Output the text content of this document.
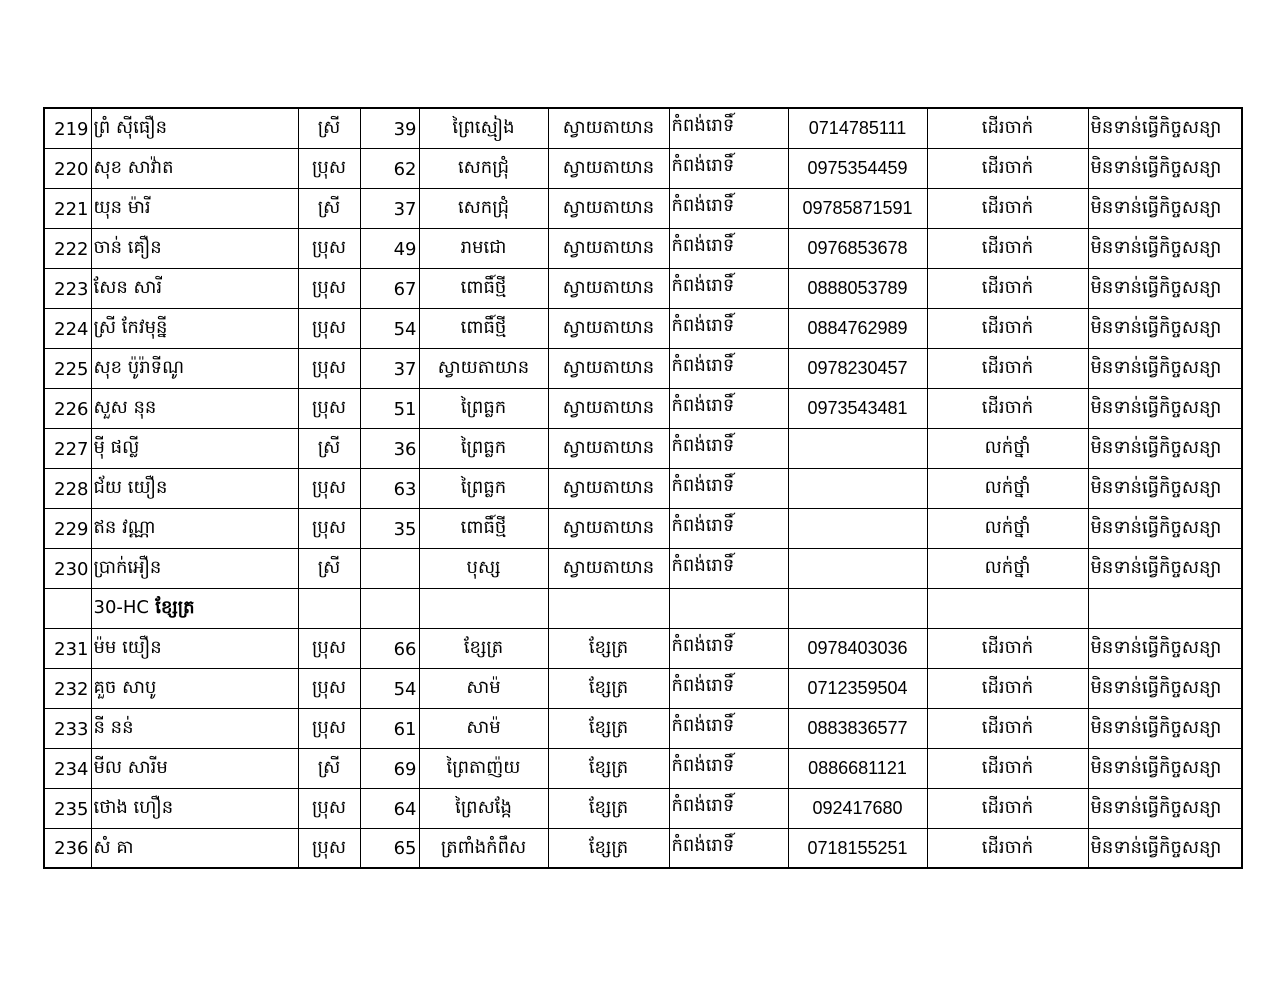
219	ព្រំ ស៊ីធឿន	ស្រី	39	ព្រៃស្មៀង	ស្វាយតាយាន	កំពង់រោទិ៍	0714785111	ដើរចាក់	មិនទាន់ធ្វើកិច្ចសន្យា
220	សុខ សាវ៉ាត	ប្រុស	62	សេកជ្រុំ	ស្វាយតាយាន	កំពង់រោទិ៍	0975354459	ដើរចាក់	មិនទាន់ធ្វើកិច្ចសន្យា
221	យុន ម៉ារី	ស្រី	37	សេកជ្រុំ	ស្វាយតាយាន	កំពង់រោទិ៍	09785871591	ដើរចាក់	មិនទាន់ធ្វើកិច្ចសន្យា
222	ចាន់ គឿន	ប្រុស	49	រាមជោ	ស្វាយតាយាន	កំពង់រោទិ៍	0976853678	ដើរចាក់	មិនទាន់ធ្វើកិច្ចសន្យា
223	សែន សារី	ប្រុស	67	ពោធិ៍ថ្មី	ស្វាយតាយាន	កំពង់រោទិ៍	0888053789	ដើរចាក់	មិនទាន់ធ្វើកិច្ចសន្យា
224	ស្រី កែវមុន្នី	ប្រុស	54	ពោធិ៍ថ្មី	ស្វាយតាយាន	កំពង់រោទិ៍	0884762989	ដើរចាក់	មិនទាន់ធ្វើកិច្ចសន្យា
225	សុខ ប៉ូរ៉ាទីណូ	ប្រុស	37	ស្វាយតាយាន	ស្វាយតាយាន	កំពង់រោទិ៍	0978230457	ដើរចាក់	មិនទាន់ធ្វើកិច្ចសន្យា
226	សួស នុន	ប្រុស	51	ព្រៃធ្លក	ស្វាយតាយាន	កំពង់រោទិ៍	0973543481	ដើរចាក់	មិនទាន់ធ្វើកិច្ចសន្យា
227	ម៉ី ផល្លី	ស្រី	36	ព្រៃធ្លក	ស្វាយតាយាន	កំពង់រោទិ៍		លក់ថ្នាំ	មិនទាន់ធ្វើកិច្ចសន្យា
228	ជ័យ យឿន	ប្រុស	63	ព្រៃធ្លក	ស្វាយតាយាន	កំពង់រោទិ៍		លក់ថ្នាំ	មិនទាន់ធ្វើកិច្ចសន្យា
229	ឥន វណ្ណា	ប្រុស	35	ពោធិ៍ថ្មី	ស្វាយតាយាន	កំពង់រោទិ៍		លក់ថ្នាំ	មិនទាន់ធ្វើកិច្ចសន្យា
230	ប្រាក់អឿន	ស្រី		បុស្ស	ស្វាយតាយាន	កំពង់រោទិ៍		លក់ថ្នាំ	មិនទាន់ធ្វើកិច្ចសន្យា
	30-HC ខ្សែត្រ								
231	ម៉ម យឿន	ប្រុស	66	ខ្សែត្រ	ខ្សែត្រ	កំពង់រោទិ៍	0978403036	ដើរចាក់	មិនទាន់ធ្វើកិច្ចសន្យា
232	គួច សាបូ	ប្រុស	54	សាម៉	ខ្សែត្រ	កំពង់រោទិ៍	0712359504	ដើរចាក់	មិនទាន់ធ្វើកិច្ចសន្យា
233	នី នន់	ប្រុស	61	សាម៉	ខ្សែត្រ	កំពង់រោទិ៍	0883836577	ដើរចាក់	មិនទាន់ធ្វើកិច្ចសន្យា
234	មីល សារីម	ស្រី	69	ព្រៃតាញ៉យ	ខ្សែត្រ	កំពង់រោទិ៍	0886681121	ដើរចាក់	មិនទាន់ធ្វើកិច្ចសន្យា
235	ថោង ហឿន	ប្រុស	64	ព្រៃសង្កែ	ខ្សែត្រ	កំពង់រោទិ៍	092417680	ដើរចាក់	មិនទាន់ធ្វើកិច្ចសន្យា
236	សំ គា	ប្រុស	65	ត្រពាំងកំពឹស	ខ្សែត្រ	កំពង់រោទិ៍	0718155251	ដើរចាក់	មិនទាន់ធ្វើកិច្ចសន្យា
